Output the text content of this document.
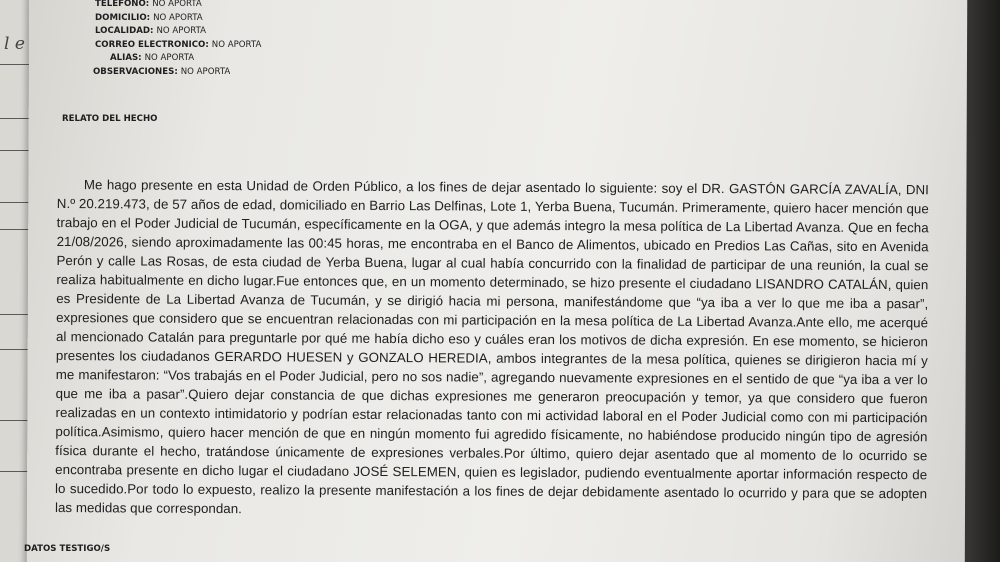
l e
TELEFONO: NO APORTA
DOMICILIO: NO APORTA
LOCALIDAD: NO APORTA
CORREO ELECTRONICO: NO APORTA
ALIAS: NO APORTA
OBSERVACIONES: NO APORTA
RELATO DEL HECHO
Me hago presente en esta Unidad de Orden Público, a los fines de dejar asentado lo siguiente: soy el DR. GASTÓN GARCÍA ZAVALÍA, DNI N.º 20.219.473, de 57 años de edad, domiciliado en Barrio Las Delfinas, Lote 1, Yerba Buena, Tucumán. Primeramente, quiero hacer mención que trabajo en el Poder Judicial de Tucumán, específicamente en la OGA, y que además integro la mesa política de La Libertad Avanza. Que en fecha 21/08/2026, siendo aproximadamente las 00:45 horas, me encontraba en el Banco de Alimentos, ubicado en Predios Las Cañas, sito en Avenida Perón y calle Las Rosas, de esta ciudad de Yerba Buena, lugar al cual había concurrido con la finalidad de participar de una reunión, la cual se realiza habitualmente en dicho lugar.Fue entonces que, en un momento determinado, se hizo presente el ciudadano LISANDRO CATALÁN, quien es Presidente de La Libertad Avanza de Tucumán, y se dirigió hacia mi persona, manifestándome que “ya iba a ver lo que me iba a pasar”, expresiones que considero que se encuentran relacionadas con mi participación en la mesa política de La Libertad Avanza.Ante ello, me acerqué al mencionado Catalán para preguntarle por qué me había dicho eso y cuáles eran los motivos de dicha expresión. En ese momento, se hicieron presentes los ciudadanos GERARDO HUESEN y GONZALO HEREDIA, ambos integrantes de la mesa política, quienes se dirigieron hacia mí y me manifestaron: “Vos trabajás en el Poder Judicial, pero no sos nadie”, agregando nuevamente expresiones en el sentido de que “ya iba a ver lo que me iba a pasar”.Quiero dejar constancia de que dichas expresiones me generaron preocupación y temor, ya que considero que fueron realizadas en un contexto intimidatorio y podrían estar relacionadas tanto con mi actividad laboral en el Poder Judicial como con mi participación política.Asimismo, quiero hacer mención de que en ningún momento fui agredido físicamente, no habiéndose producido ningún tipo de agresión física durante el hecho, tratándose únicamente de expresiones verbales.Por último, quiero dejar asentado que al momento de lo ocurrido se encontraba presente en dicho lugar el ciudadano JOSÉ SELEMEN, quien es legislador, pudiendo eventualmente aportar información respecto de lo sucedido.Por todo lo expuesto, realizo la presente manifestación a los fines de dejar debidamente asentado lo ocurrido y para que se adopten las medidas que correspondan.
DATOS TESTIGO/S
